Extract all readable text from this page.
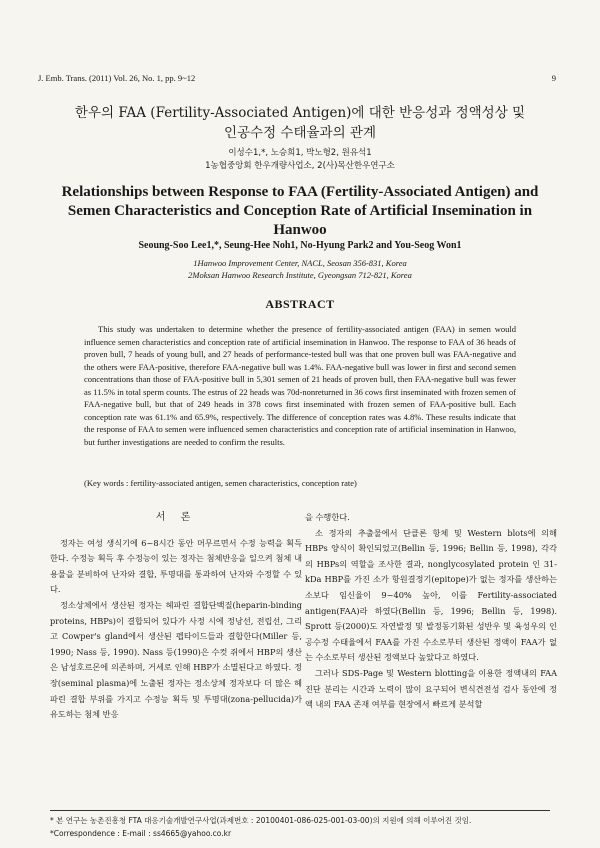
J. Emb. Trans. (2011) Vol. 26, No. 1, pp. 9~12	9
한우의 FAA (Fertility-Associated Antigen)에 대한 반응성과 정액성상 및
인공수정 수태율과의 관계
이성수1,*, 노승희1, 박노형2, 원유석1
1농협중앙회 한우개량사업소, 2(사)목산한우연구소
Relationships between Response to FAA (Fertility-Associated Antigen) and Semen Characteristics and Conception Rate of Artificial Insemination in Hanwoo
Seoung-Soo Lee1,*, Seung-Hee Noh1, No-Hyung Park2 and You-Seog Won1
1Hanwoo Improvement Center, NACL, Seosan 356-831, Korea
2Moksan Hanwoo Research Institute, Gyeongsan 712-821, Korea
ABSTRACT

This study was undertaken to determine whether the presence of fertility-associated antigen (FAA) in semen would influence semen characteristics and conception rate of artificial insemination in Hanwoo. The response to FAA of 36 heads of proven bull, 7 heads of young bull, and 27 heads of performance-tested bull was that one proven bull was FAA-negative and the others were FAA-positive, therefore FAA-negative bull was 1.4%. FAA-negative bull was lower in first and second semen concentrations than those of FAA-positive bull in 5,301 semen of 21 heads of proven bull, then FAA-negative bull was fewer as 11.5% in total sperm counts. The estrus of 22 heads was 70d-nonreturned in 36 cows first inseminated with frozen semen of FAA-negative bull, but that of 249 heads in 378 cows first inseminated with frozen semen of FAA-positive bull. Each conception rate was 61.1% and 65.9%, respectively. The difference of conception rates was 4.8%. These results indicate that the response of FAA to semen were influenced semen characteristics and conception rate of artificial insemination in Hanwoo, but further investigations are needed to confirm the results.

(Key words : fertility-associated antigen, semen characteristics, conception rate)
서 론

정자는 여성 생식기에 6~8시간 동안 머무르면서 수정 능력을 획득한다. 수정능 획득 후 수정능이 있는 정자는 첨체반응을 일으켜 첨체 내용물을 분비하여 난자와 결합, 투명대를 통과하여 난자와 수정할 수 있다.

정소상체에서 생산된 정자는 헤파린 결합단백질(heparin-binding proteins, HBPs)이 결합되어 있다가 사정 시에 정낭선, 전립선, 그리고 Cowper's gland에서 생산된 펩타이드들과 결합한다(Miller 등, 1990; Nass 등, 1990). Nass 등(1990)은 수컷 쥐에서 HBP의 생산은 남성호르몬에 의존하며, 거세로 인해 HBP가 소멸된다고 하였다. 정장(seminal plasma)에 노출된 정자는 정소상체 정자보다 더 많은 헤파린 결합 부위를 가지고 수정능 획득 및 투명대(zona-pellucida)가 유도하는 첨체 반응

을 수행한다.

소 정자의 추출물에서 단클론 항체 및 Western blots에 의해 HBPs 양식이 확인되었고(Bellin 등, 1996; Bellin 등, 1998), 각각의 HBPs의 역할을 조사한 결과, nonglycosylated protein 인 31-kDa HBP를 가진 소가 항원결정기(epitope)가 없는 정자를 생산하는 소보다 임신율이 9~40% 높아, 이를 Fertility-associated antigen(FAA)라 하였다(Bellin 등, 1996; Bellin 등, 1998). Sprott 등(2000)도 자연발정 및 발정동기화된 성반우 및 육성우의 인공수정 수태율에서 FAA를 가진 수소로부터 생산된 정액이 FAA가 없는 수소로부터 생산된 정액보다 높았다고 하였다.

그러나 SDS-Page 및 Western blotting을 이용한 정액내의 FAA 진단 분리는 시간과 노력이 많이 요구되어 변식견전성 검사 동안에 정액 내의 FAA 존재 여부를 현장에서 빠르게 분석할

* 본 연구는 농촌진흥청 FTA 대응기술개발연구사업(과제번호 : 20100401-086-025-001-03-00)의 지원에 의해 이루어진 것임.
*Correspondence : E-mail : ss4665@yahoo.co.kr
